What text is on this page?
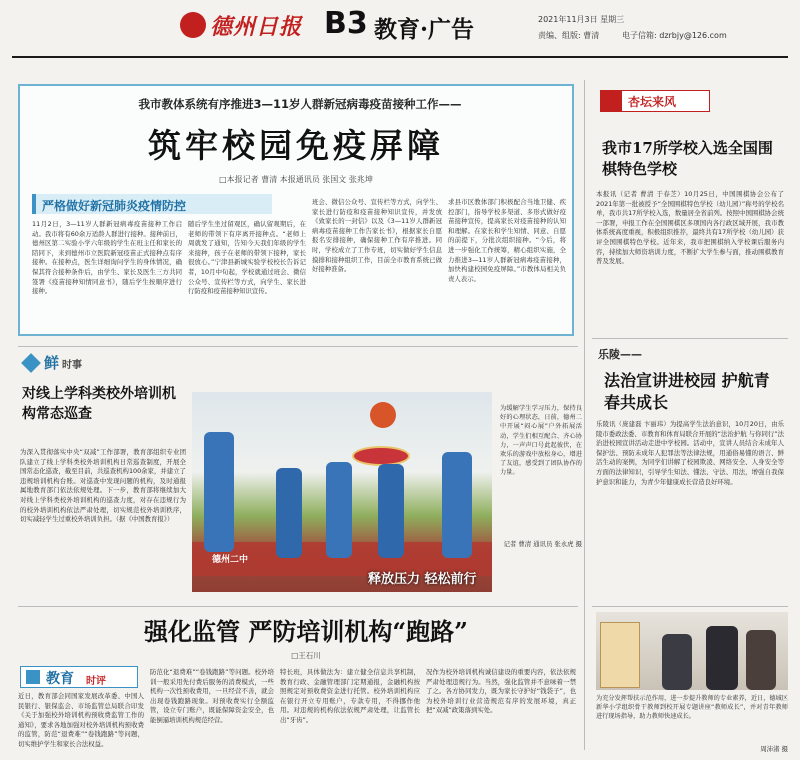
德州日报 B3 教育·广告	2021年11月3日 星期三
责编、组版: 曹清	电子信箱: dzrbjy@126.com
我市教体系统有序推进3—11岁人群新冠病毒疫苗接种工作——
筑牢校园免疫屏障
□本报记者 曹清 本报通讯员 张国文 张兆坤
严格做好新冠肺炎疫情防控
11月2日，3—11岁人群新冠病毒疫苗接种工作启动。我市将有60余万适龄人群进行接种。接种前日，德州区第二实验小学六年级的学生在班主任和家长的陪同下，来到德州市立医院新冠疫苗正式接种点有序接种。在接种点，医生详细询问学生的身体情况，确保其符合接种条件后，由学生、家长及医生三方共同签署《疫苗接种知情同意书》，随后学生按顺序进行接种。
随后学生坐过留观区，确认留观期后，在老师的带领下有序离开接种点。“老师上周就发了通知，告知今天我们年级的学生来接种，孩子在老师的带领下接种，家长很放心。”宁津县新城实验学校校长告诉记者，10月中旬起，学校就通过班会、微信公众号、宣传栏等方式，向学生、家长进行防疫和疫苗接种知识宣传。
班会、微信公众号、宣传栏等方式，向学生、家长进行防疫和疫苗接种知识宣传，并发放《致家长的一封信》以及《3—11岁人群新冠病毒疫苗接种工作告家长书》，根据家长自愿报名安排接种，确保接种工作有序推进。同时，学校成立了工作专班，切实做好学生信息摸排和接种组织工作，目前全市教育系统已做好接种准备。
求县市区教体部门积极配合当地卫健、疾控部门，指导学校多渠道、多形式做好疫苗接种宣传，提高家长对疫苗接种的认知和理解。在家长和学生知情、同意、自愿的前提下，分批次组织接种。“今后，将进一步强化工作统筹，精心组织实施，全力推进3—11岁人群新冠病毒疫苗接种，加快构建校园免疫屏障。”市教体局相关负责人表示。
杏坛来风
我市17所学校入选全国围棋特色学校
本报讯（记者 曹清 于春芝）10月25日，中国围棋协会公布了2021年第一批被授予“全国围棋特色学校（幼儿园）”称号的学校名单，我市共17所学校入选，数量居全省前列。按照中国围棋协会统一部署，申报工作在全国围棋区多项国内各行政区域开展，我市教体系统高度重视，积极组织推荐，最终共有17所学校（幼儿园）获评全国围棋特色学校。近年来，我市把围棋纳入学校课后服务内容，持续加大师资培训力度，不断扩大学生参与面，推动围棋教育普及发展。
乐陵——
法治宣讲进校园 护航青春共成长
乐陵讯（庞建磊 卞丽玮）为提高学生法治意识，10月20日，由乐陵市委政法委、市教育和体育局联合开展的“法治护航 与你同行”法治进校园宣讲活动走进中学校园。活动中，宣讲人员结合未成年人保护法、预防未成年人犯罪法等法律法规，用通俗易懂的语言、鲜活生动的案例，为同学们讲解了校园欺凌、网络安全、人身安全等方面的法律知识，引导学生知法、懂法、守法、用法，增强自我保护意识和能力，为青少年健康成长营造良好环境。
鲜 时事
对线上学科类校外培训机构常态巡查
为深入贯彻落实中央“双减”工作部署，教育部组织专业团队建立了线上学科类校外培训机构日常巡查制度，开展全国常态化巡查，截至目前，共巡查机构100余家，并建立了违规培训机构台账。对巡查中发现问题的机构，及时通报属地教育部门依法依规处理。下一步，教育部将继续加大对线上学科类校外培训机构的巡查力度，对存在违规行为的校外培训机构依法严肃处理，切实规范校外培训秩序，切实减轻学生过重校外培训负担。（据《中国教育报》）
德州二中
释放压力 轻松前行
为缓解学生学习压力，保持良好的心理状态，日前，德州二中开展“闷心展”户外拓展活动，学生们相互配合、齐心协力，一声声口号此起彼伏，在欢乐的游戏中放松身心，增进了友谊，感受到了团队协作的力量。
记者 曹清 通讯员 张永虎 摄
强化监管 严防培训机构“跑路”
□王石川
教育 时评
近日，教育部会同国家发展改革委、中国人民银行、银保监会、市场监管总局联合印发《关于加强校外培训机构预收费监管工作的通知》，要求各地加强对校外培训机构预收费的监管，防范“退费难”“卷钱跑路”等问题，切实维护学生和家长合法权益。
防范化“退费难”“卷钱跑路”等问题。校外培训一般采用先付费后服务的消费模式，一些机构一次性预收费用，一旦经营不善，就会出现卷钱跑路现象。对预收费实行全额监管，设立专门账户，既能保障资金安全，也能倒逼培训机构规范经营。
特长班，具体做法为：建立健全信息共享机制，教育行政、金融管理部门定期通报，金融机构按照规定对预收费资金进行托管。校外培训机构应在银行开立专用账户，专款专用，不得挪作他用。对违规的机构依法依规严肃处理，让监管长出“牙齿”。
况作为校外培训机构诚信建设的重要内容，依法依规严肃处理违规行为。当然，强化监管并不意味着一禁了之。各方协同发力，既为家长守护好“钱袋子”，也为校外培训行业营造规范有序的发展环境，真正把“双减”政策落到实处。
为充分发挥帮扶示范作用，进一步提升教师的专业素养，近日，德城区新华小学组织骨干教师到校开展专题讲座“教师成长”，并对青年教师进行现场指导，助力教师快速成长。
周沛渚 摄
